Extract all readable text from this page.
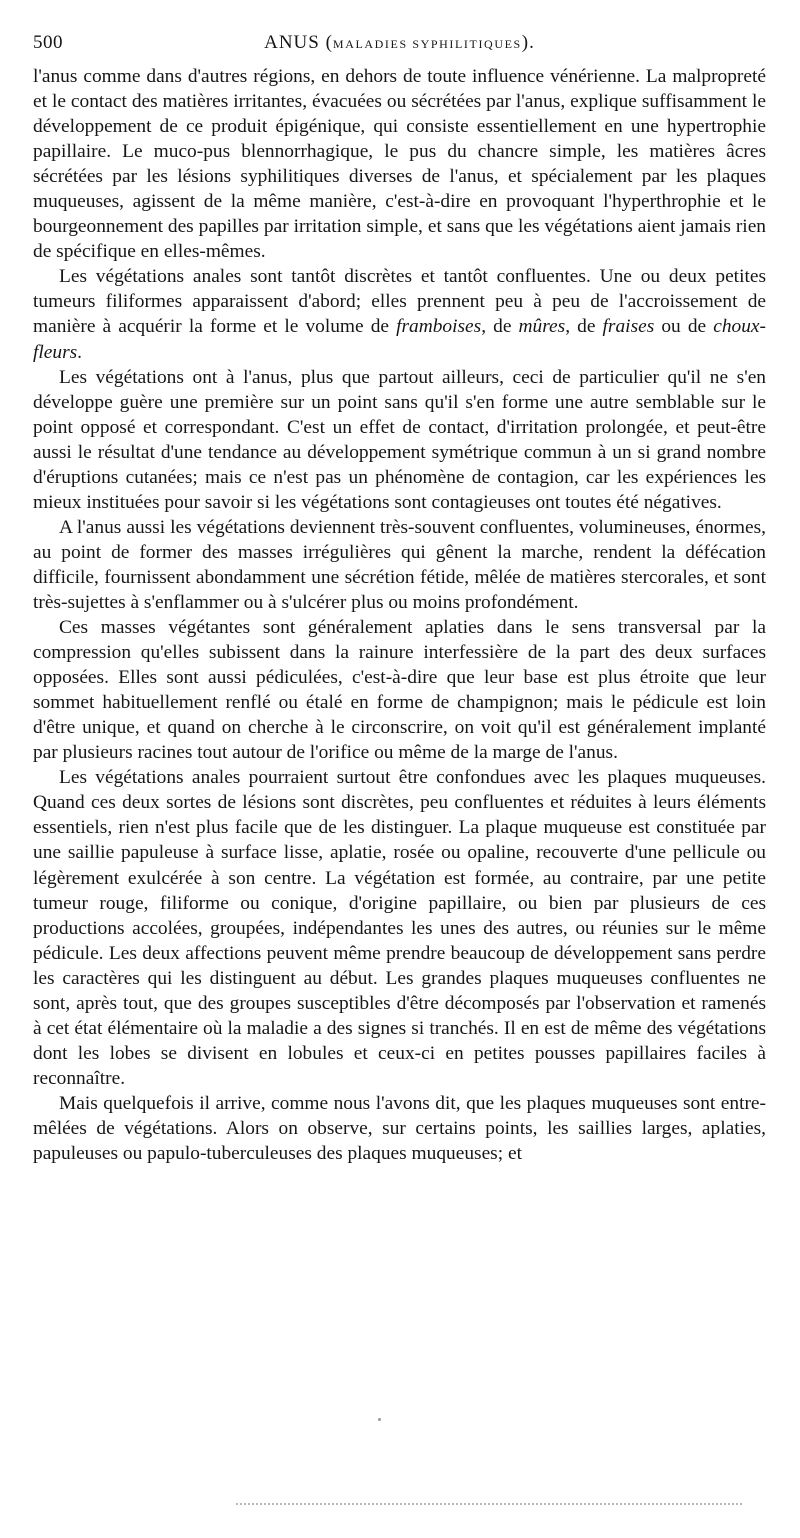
500	ANUS (MALADIES SYPHILITIQUES).

l'anus comme dans d'autres régions, en dehors de toute influence vénérienne. La malpropreté et le contact des matières irritantes, évacuées ou sécrétées par l'anus, explique suffisamment le développement de ce produit épigénique, qui consiste essentiellement en une hypertrophie papillaire. Le muco-pus blennorrhagique, le pus du chancre simple, les matières âcres sécrétées par les lésions syphilitiques diverses de l'anus, et spécialement par les plaques muqueuses, agissent de la même manière, c'est-à-dire en provoquant l'hyperthrophie et le bourgeonnement des papilles par irritation simple, et sans que les végétations aient jamais rien de spécifique en elles-mêmes.

Les végétations anales sont tantôt discrètes et tantôt confluentes. Une ou deux petites tumeurs filiformes apparaissent d'abord; elles prennent peu à peu de l'accroissement de manière à acquérir la forme et le volume de framboises, de mûres, de fraises ou de choux-fleurs.

Les végétations ont à l'anus, plus que partout ailleurs, ceci de particulier qu'il ne s'en développe guère une première sur un point sans qu'il s'en forme une autre semblable sur le point opposé et correspondant. C'est un effet de contact, d'irritation prolongée, et peut-être aussi le résultat d'une tendance au développement symétrique commun à un si grand nombre d'éruptions cutanées; mais ce n'est pas un phénomène de contagion, car les expériences les mieux instituées pour savoir si les végétations sont contagieuses ont toutes été négatives.

A l'anus aussi les végétations deviennent très-souvent confluentes, volumineuses, énormes, au point de former des masses irrégulières qui gênent la marche, rendent la défécation difficile, fournissent abondamment une sécrétion fétide, mêlée de matières stercorales, et sont très-sujettes à s'enflammer ou à s'ulcérer plus ou moins profondément.

Ces masses végétantes sont généralement aplaties dans le sens transversal par la compression qu'elles subissent dans la rainure interfessière de la part des deux surfaces opposées. Elles sont aussi pédiculées, c'est-à-dire que leur base est plus étroite que leur sommet habituellement renflé ou étalé en forme de champignon; mais le pédicule est loin d'être unique, et quand on cherche à le circonscrire, on voit qu'il est généralement implanté par plusieurs racines tout autour de l'orifice ou même de la marge de l'anus.

Les végétations anales pourraient surtout être confondues avec les plaques muqueuses. Quand ces deux sortes de lésions sont discrètes, peu confluentes et réduites à leurs éléments essentiels, rien n'est plus facile que de les distinguer. La plaque muqueuse est constituée par une saillie papuleuse à surface lisse, aplatie, rosée ou opaline, recouverte d'une pellicule ou légèrement exulcérée à son centre. La végétation est formée, au contraire, par une petite tumeur rouge, filiforme ou conique, d'origine papillaire, ou bien par plusieurs de ces productions accolées, groupées, indépendantes les unes des autres, ou réunies sur le même pédicule. Les deux affections peuvent même prendre beaucoup de développement sans perdre les caractères qui les distinguent au début. Les grandes plaques muqueuses confluentes ne sont, après tout, que des groupes susceptibles d'être décomposés par l'observation et ramenés à cet état élémentaire où la maladie a des signes si tranchés. Il en est de même des végétations dont les lobes se divisent en lobules et ceux-ci en petites pousses papillaires faciles à reconnaître.

Mais quelquefois il arrive, comme nous l'avons dit, que les plaques muqueuses sont entre-mêlées de végétations. Alors on observe, sur certains points, les saillies larges, aplaties, papuleuses ou papulo-tuberculeuses des plaques muqueuses; et
